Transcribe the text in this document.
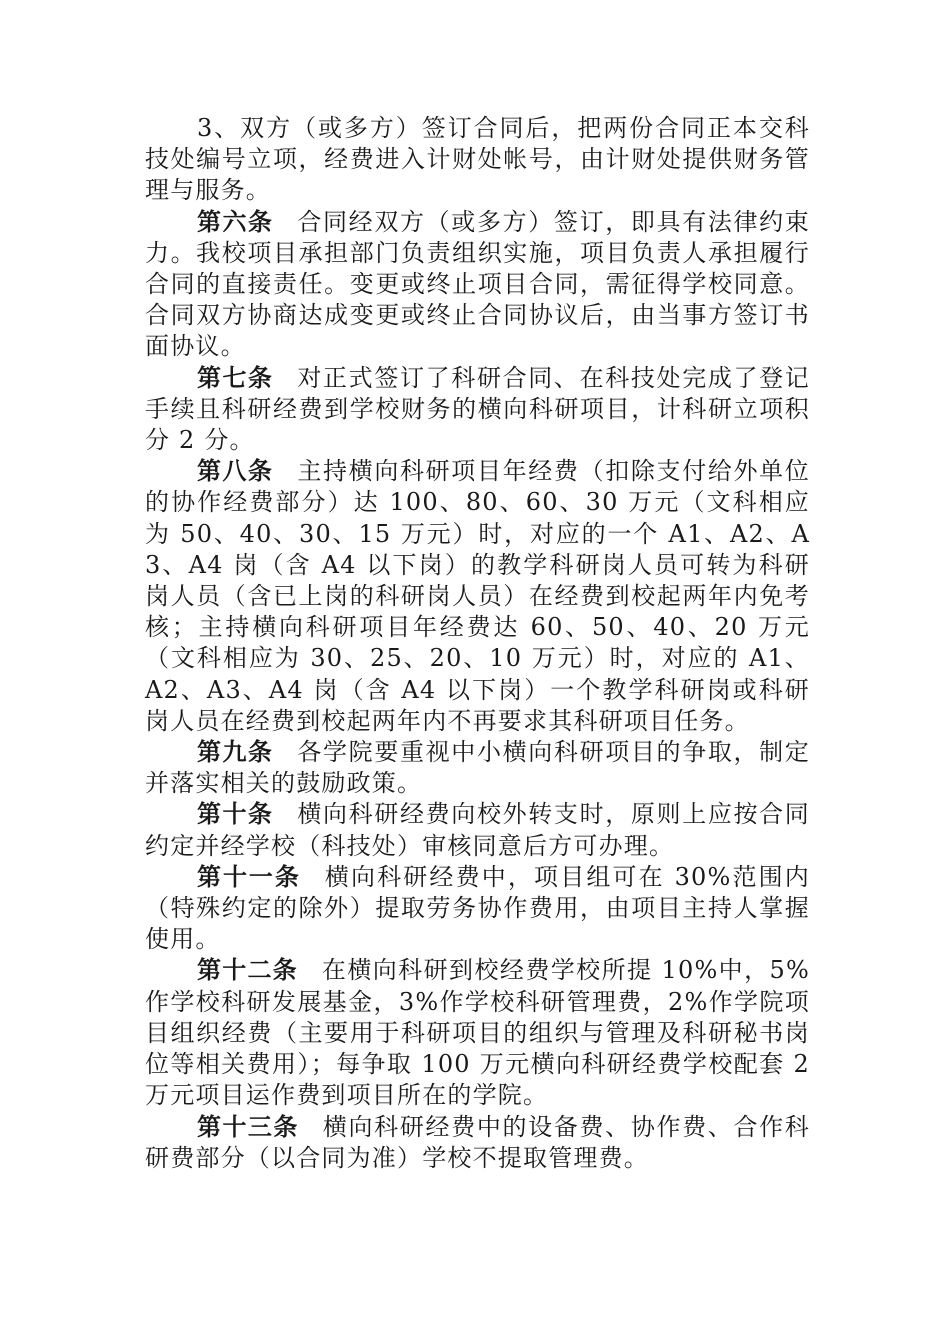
3、双方（或多方）签订合同后，把两份合同正本交科技处编号立项，经费进入计财处帐号，由计财处提供财务管理与服务。

第六条 合同经双方（或多方）签订，即具有法律约束力。我校项目承担部门负责组织实施，项目负责人承担履行合同的直接责任。变更或终止项目合同，需征得学校同意。合同双方协商达成变更或终止合同协议后，由当事方签订书面协议。

第七条 对正式签订了科研合同、在科技处完成了登记手续且科研经费到学校财务的横向科研项目，计科研立项积分 2 分。

第八条 主持横向科研项目年经费（扣除支付给外单位的协作经费部分）达 100、80、60、30 万元（文科相应为 50、40、30、15 万元）时，对应的一个 A1、A2、A3、A4 岗（含 A4 以下岗）的教学科研岗人员可转为科研岗人员（含已上岗的科研岗人员）在经费到校起两年内免考核；主持横向科研项目年经费达 60、50、40、20 万元（文科相应为 30、25、20、10 万元）时，对应的 A1、A2、A3、A4 岗（含 A4 以下岗）一个教学科研岗或科研岗人员在经费到校起两年内不再要求其科研项目任务。

第九条 各学院要重视中小横向科研项目的争取，制定并落实相关的鼓励政策。

第十条 横向科研经费向校外转支时，原则上应按合同约定并经学校（科技处）审核同意后方可办理。

第十一条 横向科研经费中，项目组可在 30%范围内（特殊约定的除外）提取劳务协作费用，由项目主持人掌握使用。

第十二条 在横向科研到校经费学校所提 10%中，5%作学校科研发展基金，3%作学校科研管理费，2%作学院项目组织经费（主要用于科研项目的组织与管理及科研秘书岗位等相关费用）；每争取 100 万元横向科研经费学校配套 2 万元项目运作费到项目所在的学院。

第十三条 横向科研经费中的设备费、协作费、合作科研费部分（以合同为准）学校不提取管理费。
